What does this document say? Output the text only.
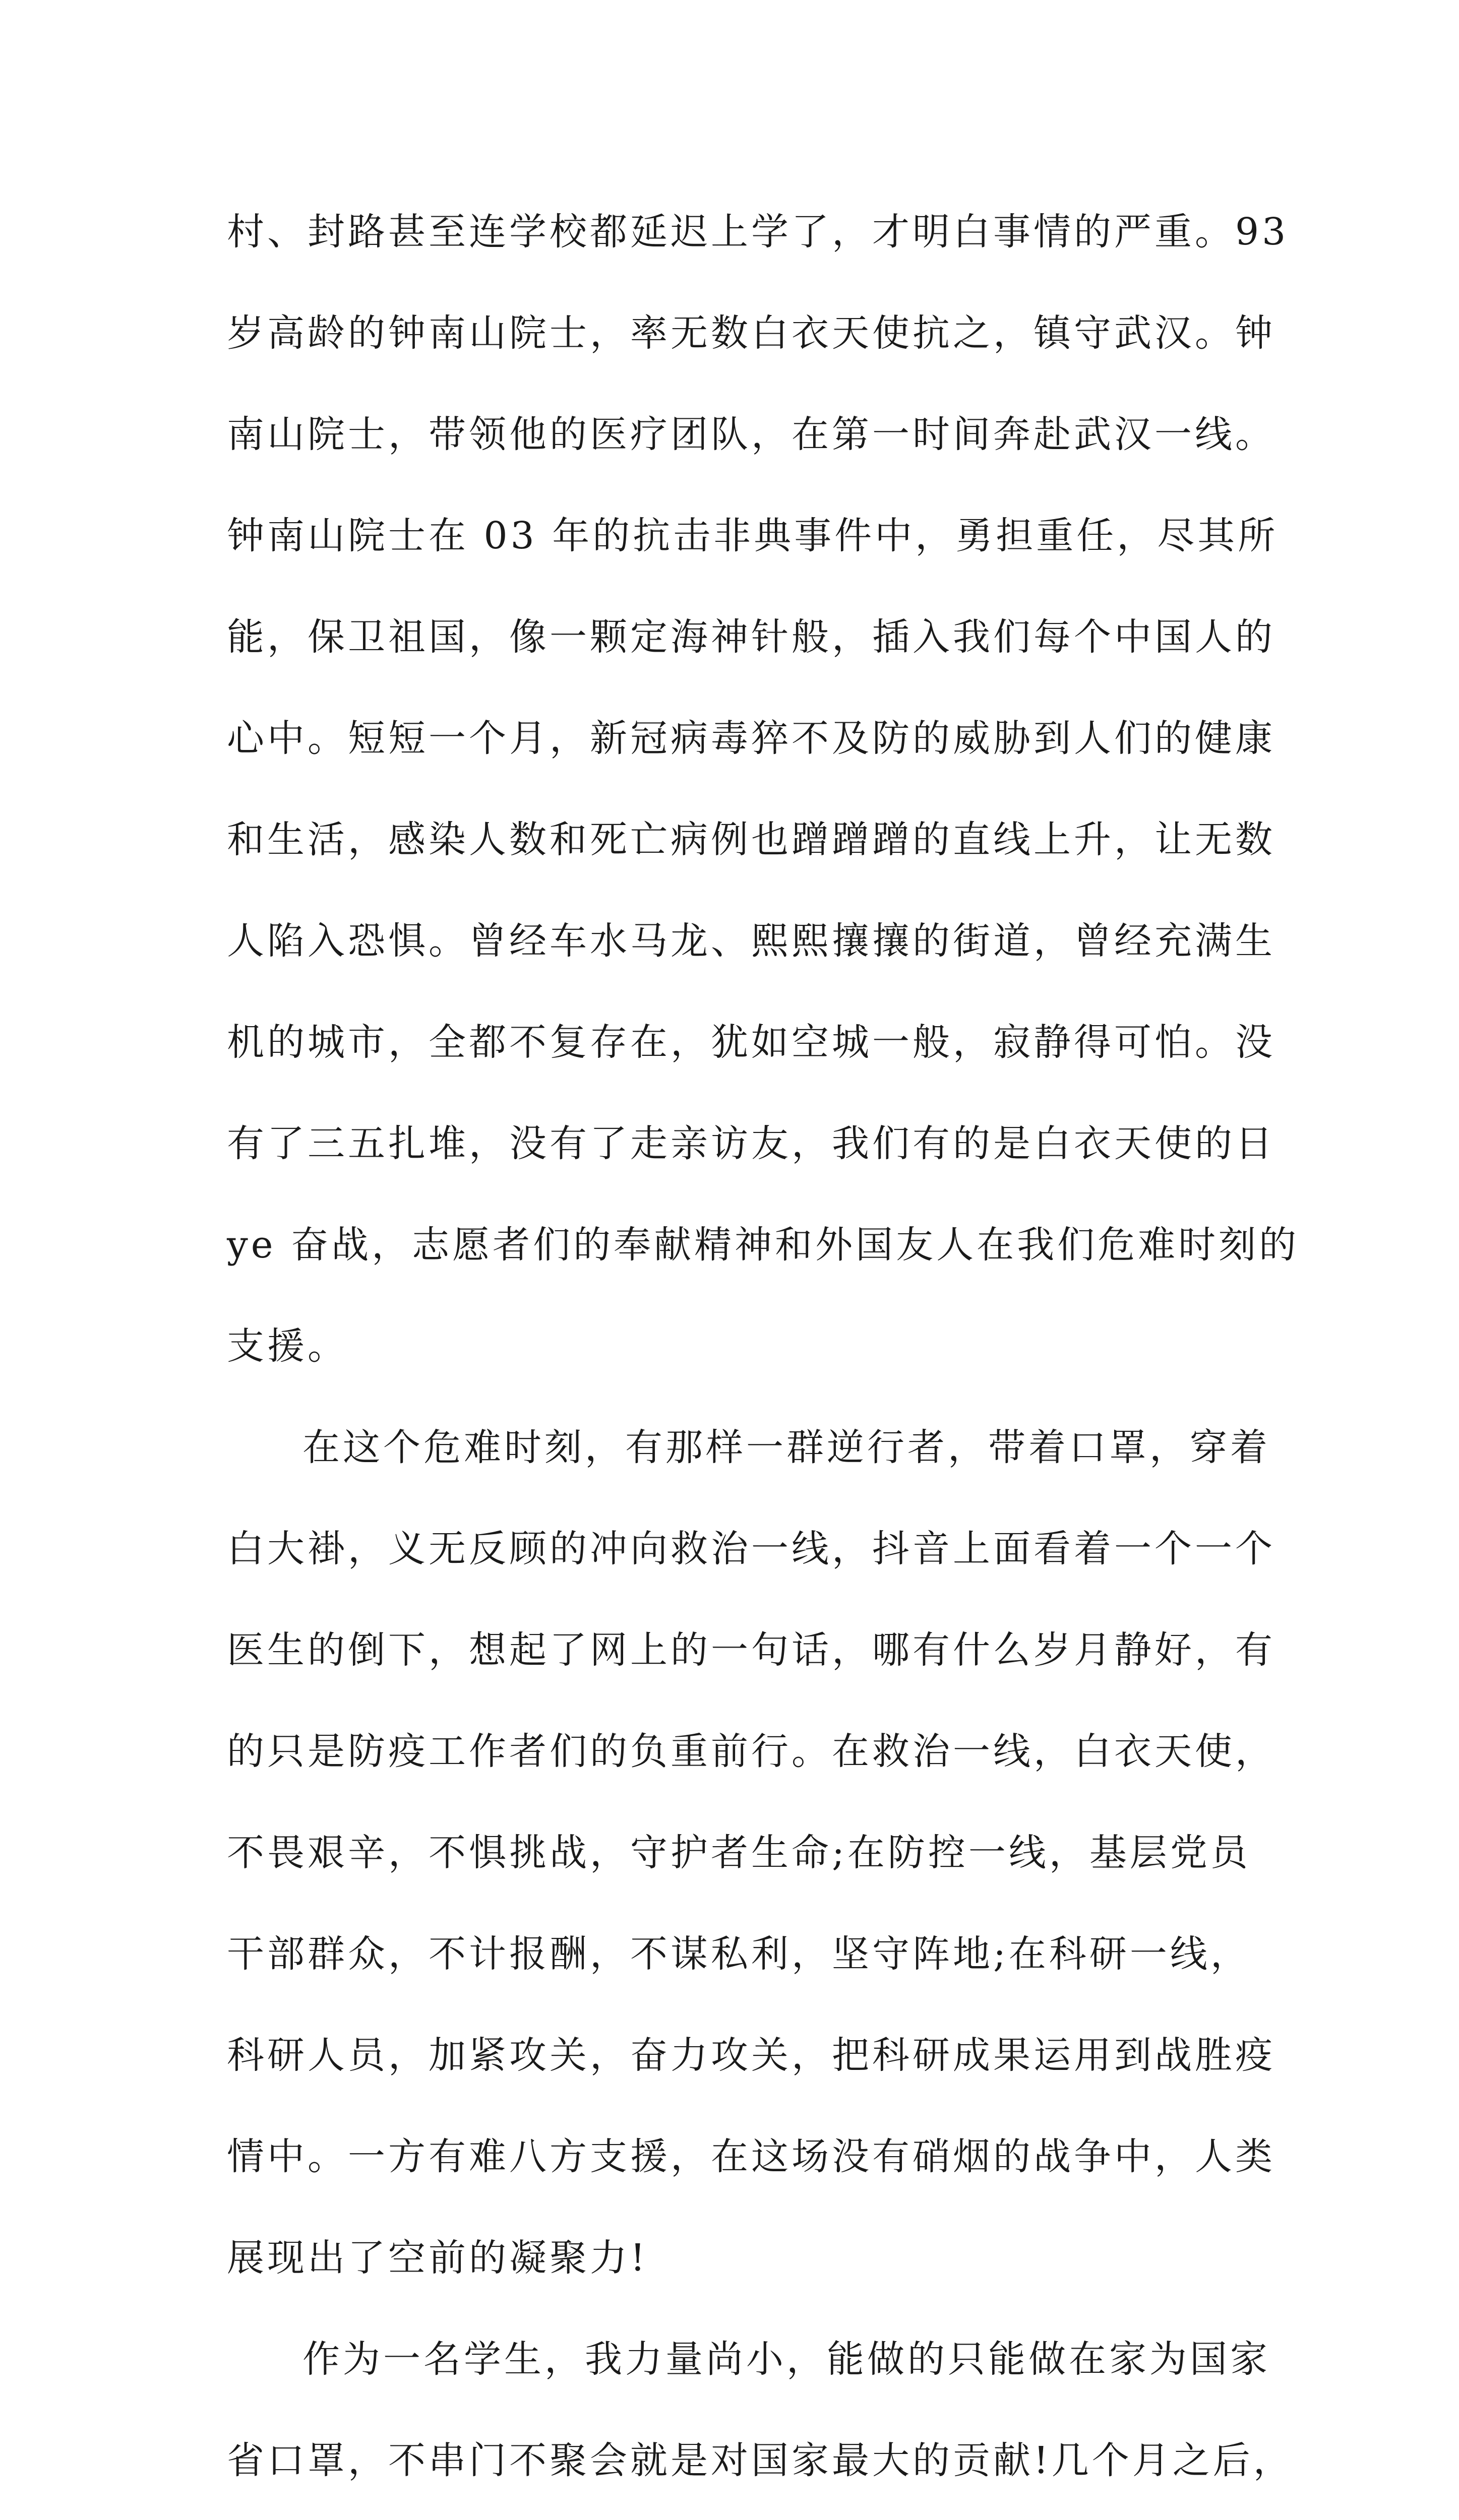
村、封路甚至连学校都延迟上学了，才明白事情的严重。93
岁高龄的钟南山院士，率无数白衣天使抗之，镇守武汉。钟
南山院士，带领他的医疗团队，在第一时间奔赴武汉一线。
钟南山院士在 03 年的抗击非典事件中，勇担重任，尽其所
能，保卫祖国，像一颗定海神针般，插入我们每个中国人的
心中。短短一个月，新冠病毒猝不及防的威胁到人们的健康
和生活，感染人数和死亡病例也蹭蹭蹭的直线上升，让无数
人陷入恐惧。曾经车水马龙、熙熙攘攘的街道，曾经充满生
机的城市，全都不复存在，犹如空城一般，寂静得可怕。没
有了三五扎堆，没有了走亲访友，我们有的是白衣天使的日
ye 奋战，志愿者们的奉献精神和外国友人在我们危难时刻的
支援。
在这个危难时刻，有那样一群逆行者，带着口罩，穿着
白大褂，义无反顾的冲向救治一线，抖音上面看着一个一个
医生的倒下，想起了网上的一句话，哪有什么岁月静好，有
的只是防疫工作者们的负重前行。在救治一线，白衣天使，
不畏艰辛，不惧挑战，守护者生命;在防控一线，基层党员
干部群众，不计报酬，不谋私利，坚守阵地;在科研一线，
科研人员，加紧攻关，奋力攻关，把科研成果运用到战胜疫
情中。一方有难八方支援，在这场没有硝烟的战争中，人类
展现出了空前的凝聚力!
作为一名学生，我力量尚小，能做的只能做在家为国家
省口罩，不串门不聚会就是对国家最大的贡献!几个月之后，
